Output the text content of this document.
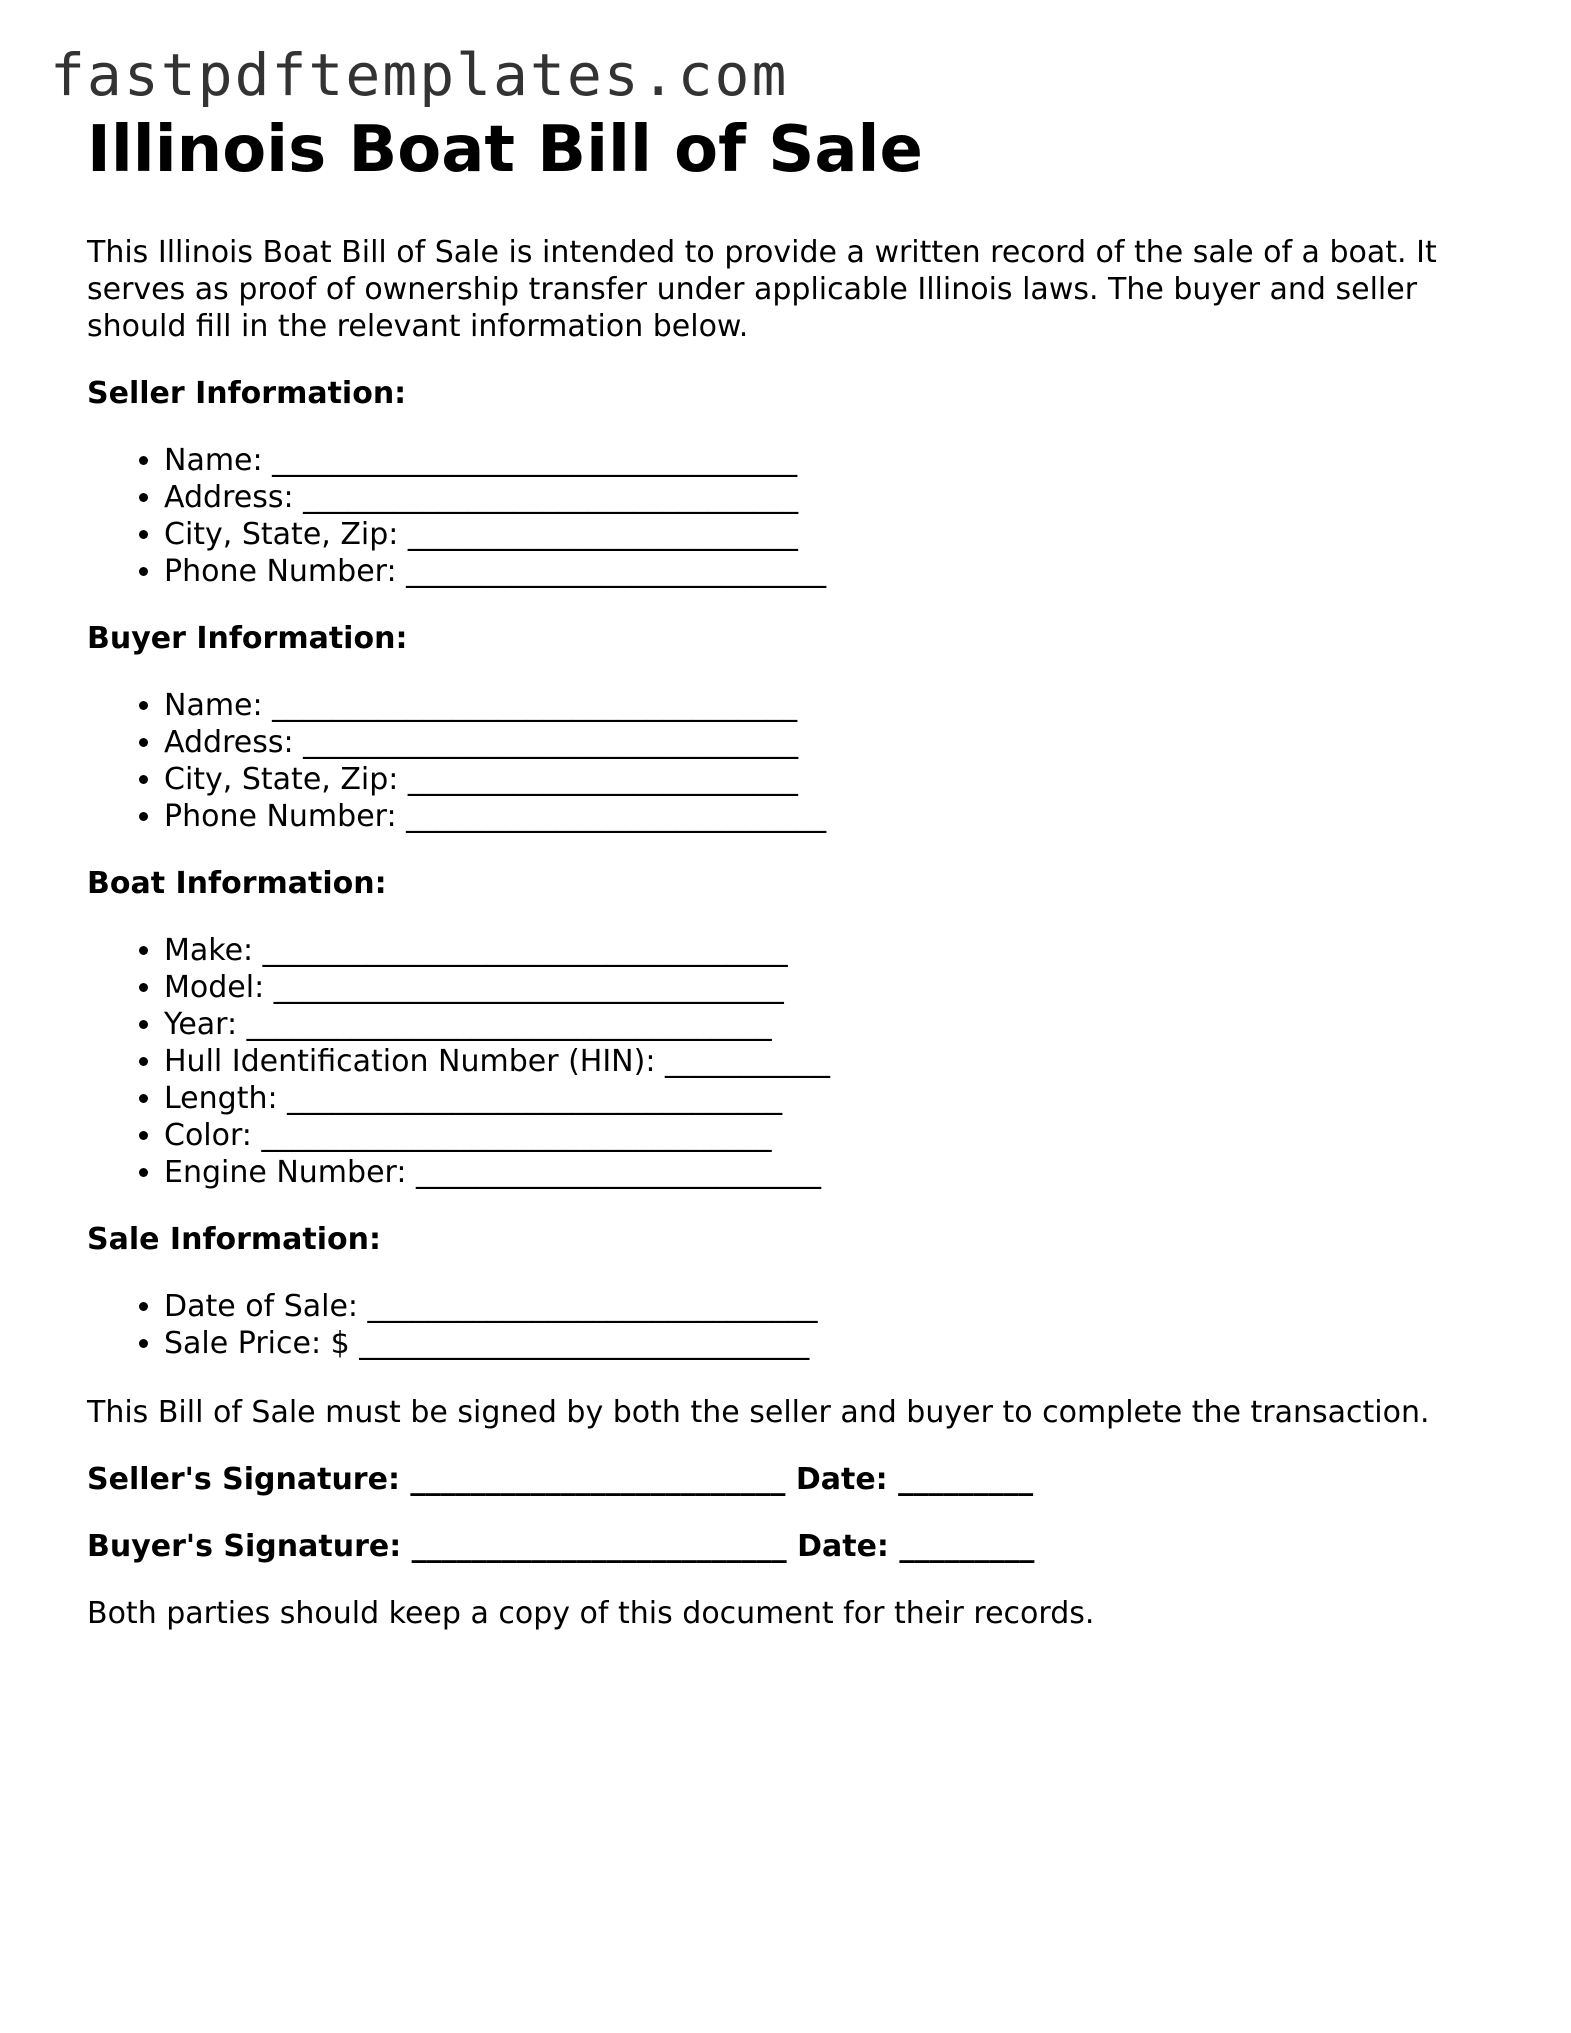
fastpdftemplates.com
Illinois Boat Bill of Sale

This Illinois Boat Bill of Sale is intended to provide a written record of the sale of a boat. It serves as proof of ownership transfer under applicable Illinois laws. The buyer and seller should fill in the relevant information below.

Seller Information:
• Name: ___________________________________
• Address: _________________________________
• City, State, Zip: __________________________
• Phone Number: ____________________________
Buyer Information:
• Name: ___________________________________
• Address: _________________________________
• City, State, Zip: __________________________
• Phone Number: ____________________________
Boat Information:
• Make: ___________________________________
• Model: __________________________________
• Year: ___________________________________
• Hull Identification Number (HIN): ___________
• Length: _________________________________
• Color: __________________________________
• Engine Number: ___________________________
Sale Information:
• Date of Sale: ______________________________
• Sale Price: $ ______________________________

This Bill of Sale must be signed by both the seller and buyer to complete the transaction.

Seller's Signature: _________________________ Date: _________
Buyer's Signature: _________________________ Date: _________

Both parties should keep a copy of this document for their records.
